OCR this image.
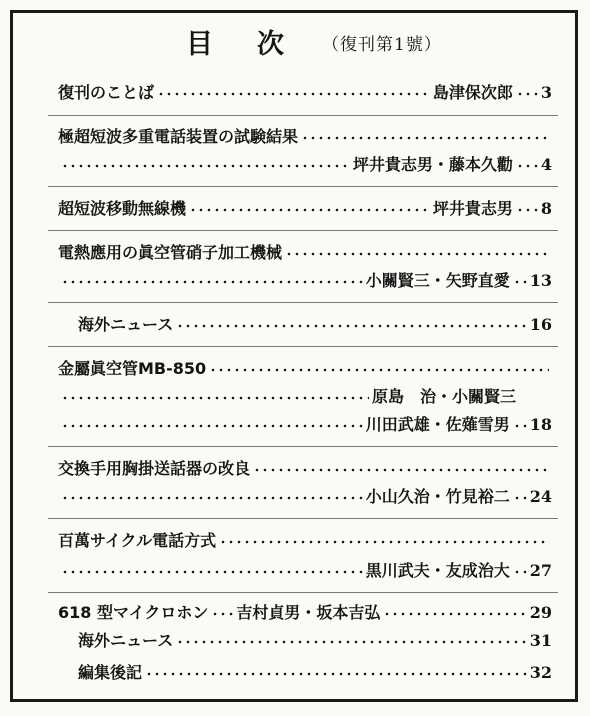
目次
（復刊第1號）
復刊のことば	島津保次郎 3
極超短波多重電話装置の試験結果
坪井貴志男・藤本久勸 4
超短波移動無線機	坪井貴志男 8
電熱應用の眞空管硝子加工機械
小關賢三・矢野直愛 13
海外ニュース	16
金屬眞空管MB-850
原島　治・小關賢三
川田武雄・佐薙雪男 18
交換手用胸掛送話器の改良
小山久治・竹見裕二 24
百萬サイクル電話方式
黒川武夫・友成治大 27
618 型マイクロホン 吉村貞男・坂本吉弘	29
海外ニュース	31
編集後記	32
